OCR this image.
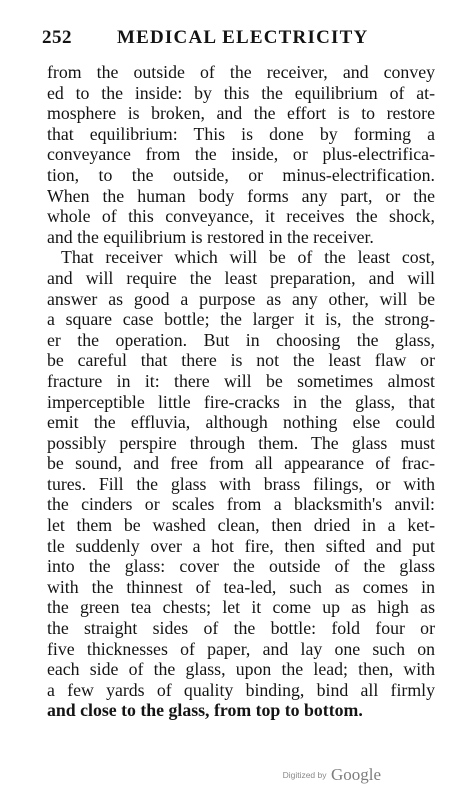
252 MEDICAL ELECTRICITY
from the outside of the receiver, and convey
ed to the inside: by this the equilibrium of at-
mosphere is broken, and the effort is to restore
that equilibrium: This is done by forming a
conveyance from the inside, or plus-electrifica-
tion, to the outside, or minus-electrification.
When the human body forms any part, or the
whole of this conveyance, it receives the shock,
and the equilibrium is restored in the receiver.
That receiver which will be of the least cost,
and will require the least preparation, and will
answer as good a purpose as any other, will be
a square case bottle; the larger it is, the strong-
er the operation. But in choosing the glass,
be careful that there is not the least flaw or
fracture in it: there will be sometimes almost
imperceptible little fire-cracks in the glass, that
emit the effluvia, although nothing else could
possibly perspire through them. The glass must
be sound, and free from all appearance of frac-
tures. Fill the glass with brass filings, or with
the cinders or scales from a blacksmith's anvil:
let them be washed clean, then dried in a ket-
tle suddenly over a hot fire, then sifted and put
into the glass: cover the outside of the glass
with the thinnest of tea-led, such as comes in
the green tea chests; let it come up as high as
the straight sides of the bottle: fold four or
five thicknesses of paper, and lay one such on
each side of the glass, upon the lead; then, with
a few yards of quality binding, bind all firmly
and close to the glass, from top to bottom.
Digitized by Google
